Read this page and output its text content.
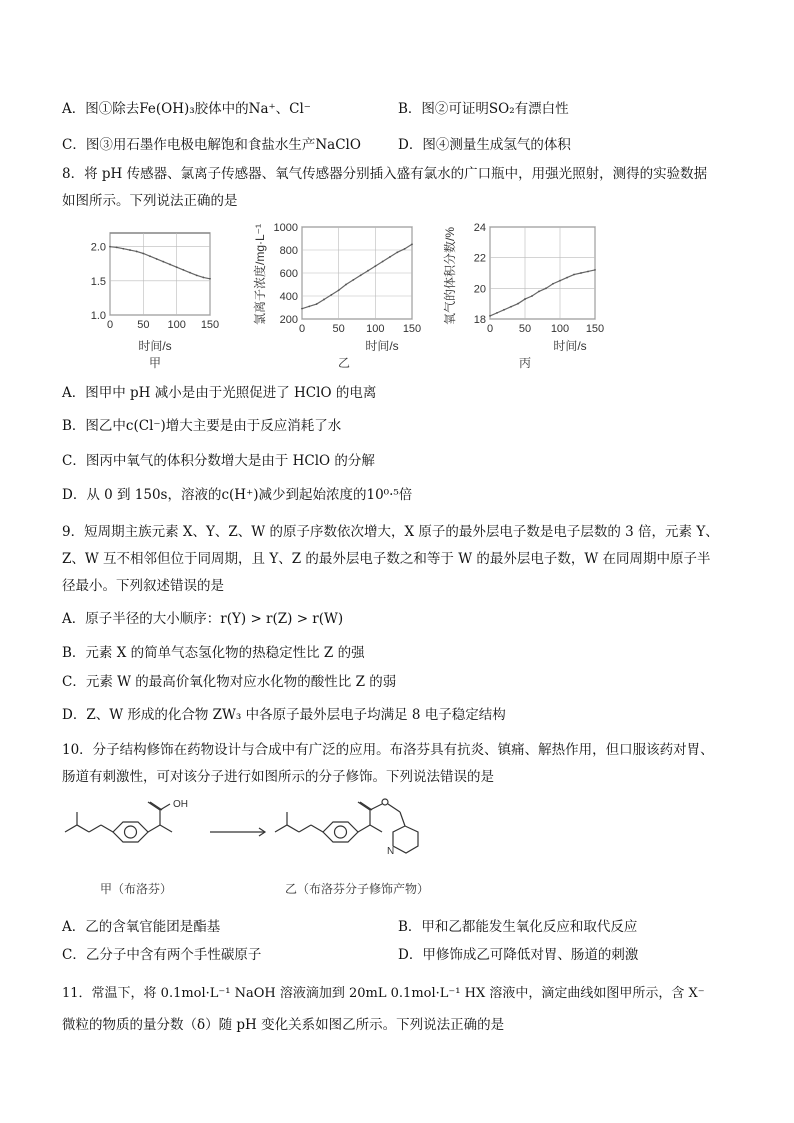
A．图①除去Fe(OH)₃胶体中的Na⁺、Cl⁻	B．图②可证明SO₂有漂白性
C．图③用石墨作电极电解饱和食盐水生产NaClO	D．图④测量生成氢气的体积
8．将 pH 传感器、氯离子传感器、氧气传感器分别插入盛有氯水的广口瓶中，用强光照射，测得的实验数据
如图所示。下列说法正确的是
0 50 100 150
1.0
1.5
2.0
时间/s
甲
氯离子浓度/mg·L⁻¹
0 50 100 150
200
400
600
800
1000
时间/s
乙
氧气的体积分数/%
0 50 100 150
18
20
22
24
时间/s
丙
A．图甲中 pH 减小是由于光照促进了 HClO 的电离
B．图乙中c(Cl⁻)增大主要是由于反应消耗了水
C．图丙中氧气的体积分数增大是由于 HClO 的分解
D．从 0 到 150s，溶液的c(H⁺)减少到起始浓度的10⁰·⁵倍
9．短周期主族元素 X、Y、Z、W 的原子序数依次增大，X 原子的最外层电子数是电子层数的 3 倍，元素 Y、
Z、W 互不相邻但位于同周期，且 Y、Z 的最外层电子数之和等于 W 的最外层电子数，W 在同周期中原子半
径最小。下列叙述错误的是
A．原子半径的大小顺序：r(Y) > r(Z) > r(W)
B．元素 X 的简单气态氢化物的热稳定性比 Z 的强
C．元素 W 的最高价氧化物对应水化物的酸性比 Z 的弱
D．Z、W 形成的化合物 ZW₃ 中各原子最外层电子均满足 8 电子稳定结构
10．分子结构修饰在药物设计与合成中有广泛的应用。布洛芬具有抗炎、镇痛、解热作用，但口服该药对胃、
肠道有刺激性，可对该分子进行如图所示的分子修饰。下列说法错误的是
OH
N
甲（布洛芬）	乙（布洛芬分子修饰产物）
A．乙的含氧官能团是酯基	B．甲和乙都能发生氧化反应和取代反应
C．乙分子中含有两个手性碳原子	D．甲修饰成乙可降低对胃、肠道的刺激
11．常温下，将 0.1mol·L⁻¹ NaOH 溶液滴加到 20mL 0.1mol·L⁻¹ HX 溶液中，滴定曲线如图甲所示，含 X⁻
微粒的物质的量分数（δ）随 pH 变化关系如图乙所示。下列说法正确的是
